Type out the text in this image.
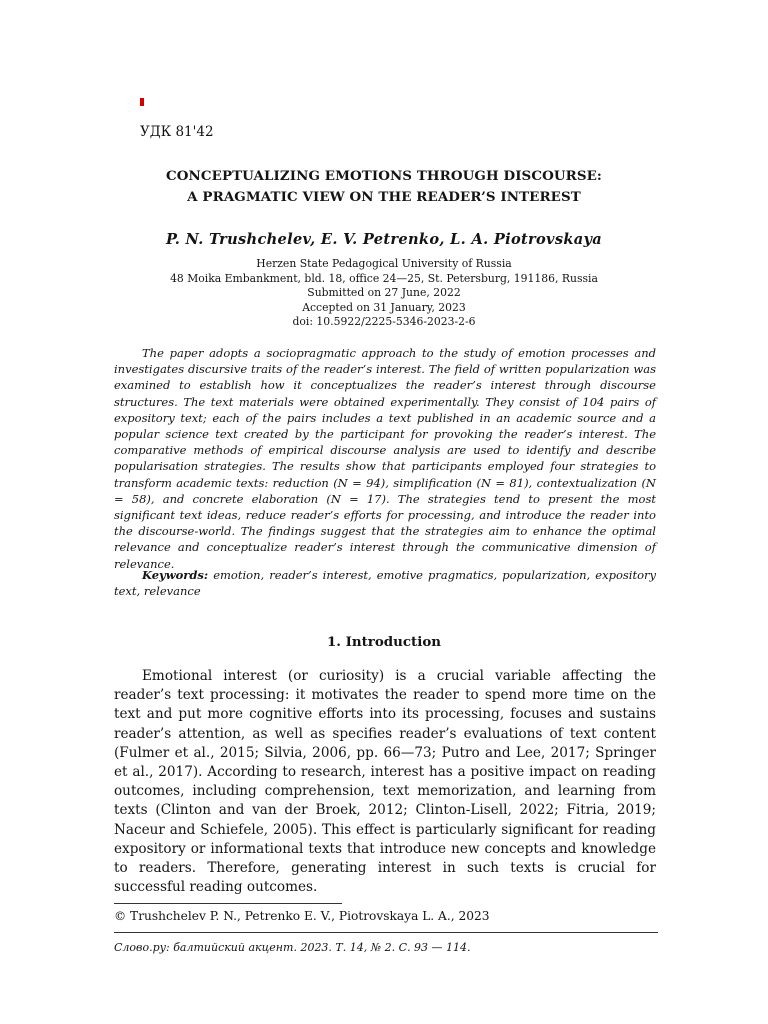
УДК 81'42
CONCEPTUALIZING EMOTIONS THROUGH DISCOURSE:
A PRAGMATIC VIEW ON THE READER’S INTEREST
P. N. Trushchelev, E. V. Petrenko, L. A. Piotrovskaya
Herzen State Pedagogical University of Russia
48 Moika Embankment, bld. 18, office 24—25, St. Petersburg, 191186, Russia
Submitted on 27 June, 2022
Accepted on 31 January, 2023
doi: 10.5922/2225-5346-2023-2-6

The paper adopts a sociopragmatic approach to the study of emotion processes and investigates discursive traits of the reader’s interest. The field of written popularization was examined to establish how it conceptualizes the reader’s interest through discourse structures. The text materials were obtained experimentally. They consist of 104 pairs of expository text; each of the pairs includes a text published in an academic source and a popular science text created by the participant for provoking the reader’s interest. The comparative methods of empirical discourse analysis are used to identify and describe popularisation strategies. The results show that participants employed four strategies to transform academic texts: reduction (N = 94), simplification (N = 81), contextualization (N = 58), and concrete elaboration (N = 17). The strategies tend to present the most significant text ideas, reduce reader’s efforts for processing, and introduce the reader into the discourse-world. The findings suggest that the strategies aim to enhance the optimal relevance and conceptualize reader’s interest through the communicative dimension of relevance.

Keywords: emotion, reader’s interest, emotive pragmatics, popularization, expository text, relevance

1. Introduction

Emotional interest (or curiosity) is a crucial variable affecting the reader’s text processing: it motivates the reader to spend more time on the text and put more cognitive efforts into its processing, focuses and sustains reader’s attention, as well as specifies reader’s evaluations of text content (Fulmer et al., 2015; Silvia, 2006, pp. 66—73; Putro and Lee, 2017; Springer et al., 2017). According to research, interest has a positive impact on reading outcomes, including comprehension, text memorization, and learning from texts (Clinton and van der Broek, 2012; Clinton-Lisell, 2022; Fitria, 2019; Naceur and Schiefele, 2005). This effect is particularly significant for reading expository or informational texts that introduce new concepts and knowledge to readers. Therefore, generating interest in such texts is crucial for successful reading outcomes.

© Trushchelev P. N., Petrenko E. V., Piotrovskaya L. A., 2023
Слово.ру: балтийский акцент. 2023. Т. 14, № 2. С. 93 — 114.
